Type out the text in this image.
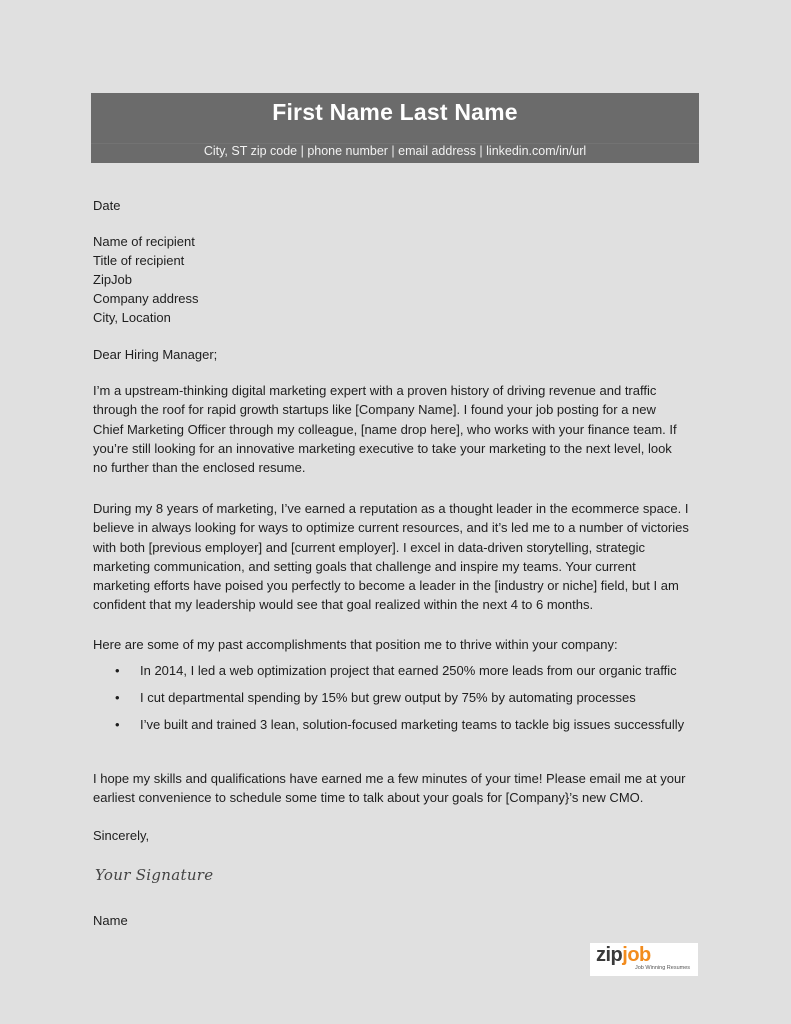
First Name Last Name
City, ST zip code | phone number | email address | linkedin.com/in/url
Date
Name of recipient
Title of recipient
ZipJob
Company address
City, Location
Dear Hiring Manager;
I’m a upstream-thinking digital marketing expert with a proven history of driving revenue and traffic
through the roof for rapid growth startups like [Company Name]. I found your job posting for a new
Chief Marketing Officer through my colleague, [name drop here], who works with your finance team. If
you’re still looking for an innovative marketing executive to take your marketing to the next level, look
no further than the enclosed resume.
During my 8 years of marketing, I’ve earned a reputation as a thought leader in the ecommerce space. I
believe in always looking for ways to optimize current resources, and it’s led me to a number of victories
with both [previous employer] and [current employer]. I excel in data-driven storytelling, strategic
marketing communication, and setting goals that challenge and inspire my teams. Your current
marketing efforts have poised you perfectly to become a leader in the [industry or niche] field, but I am
confident that my leadership would see that goal realized within the next 4 to 6 months.
Here are some of my past accomplishments that position me to thrive within your company:
• In 2014, I led a web optimization project that earned 250% more leads from our organic traffic
• I cut departmental spending by 15% but grew output by 75% by automating processes
• I’ve built and trained 3 lean, solution-focused marketing teams to tackle big issues successfully
I hope my skills and qualifications have earned me a few minutes of your time! Please email me at your
earliest convenience to schedule some time to talk about your goals for [Company}’s new CMO.
Sincerely,
Your Signature
Name
zipjob
Job Winning Resumes
